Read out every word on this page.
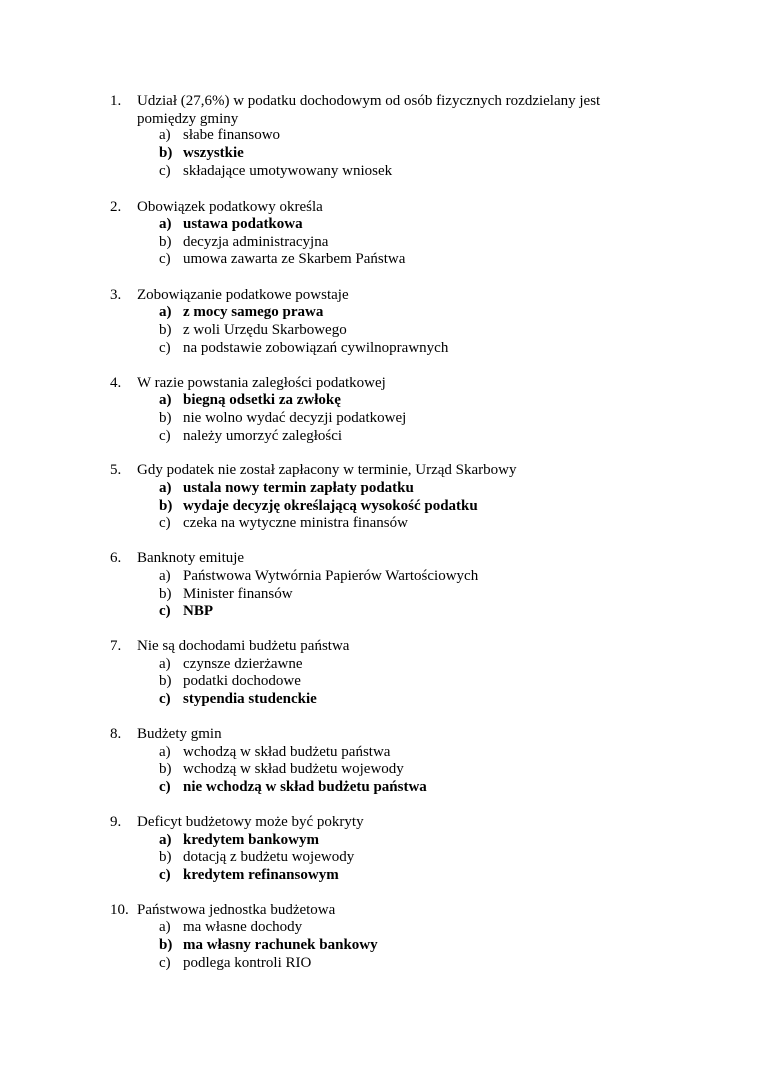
1. Udział (27,6%) w podatku dochodowym od osób fizycznych rozdzielany jest pomiędzy gminy
a) słabe finansowo
b) wszystkie
c) składające umotywowany wniosek
2. Obowiązek podatkowy określa
a) ustawa podatkowa
b) decyzja administracyjna
c) umowa zawarta ze Skarbem Państwa
3. Zobowiązanie podatkowe powstaje
a) z mocy samego prawa
b) z woli Urzędu Skarbowego
c) na podstawie zobowiązań cywilnoprawnych
4. W razie powstania zaległości podatkowej
a) biegną odsetki za zwłokę
b) nie wolno wydać decyzji podatkowej
c) należy umorzyć zaległości
5. Gdy podatek nie został zapłacony w terminie, Urząd Skarbowy
a) ustala nowy termin zapłaty podatku
b) wydaje decyzję określającą wysokość podatku
c) czeka na wytyczne ministra finansów
6. Banknoty emituje
a) Państwowa Wytwórnia Papierów Wartościowych
b) Minister finansów
c) NBP
7. Nie są dochodami budżetu państwa
a) czynsze dzierżawne
b) podatki dochodowe
c) stypendia studenckie
8. Budżety gmin
a) wchodzą w skład budżetu państwa
b) wchodzą w skład budżetu wojewody
c) nie wchodzą w skład budżetu państwa
9. Deficyt budżetowy może być pokryty
a) kredytem bankowym
b) dotacją z budżetu wojewody
c) kredytem refinansowym
10. Państwowa jednostka budżetowa
a) ma własne dochody
b) ma własny rachunek bankowy
c) podlega kontroli RIO
